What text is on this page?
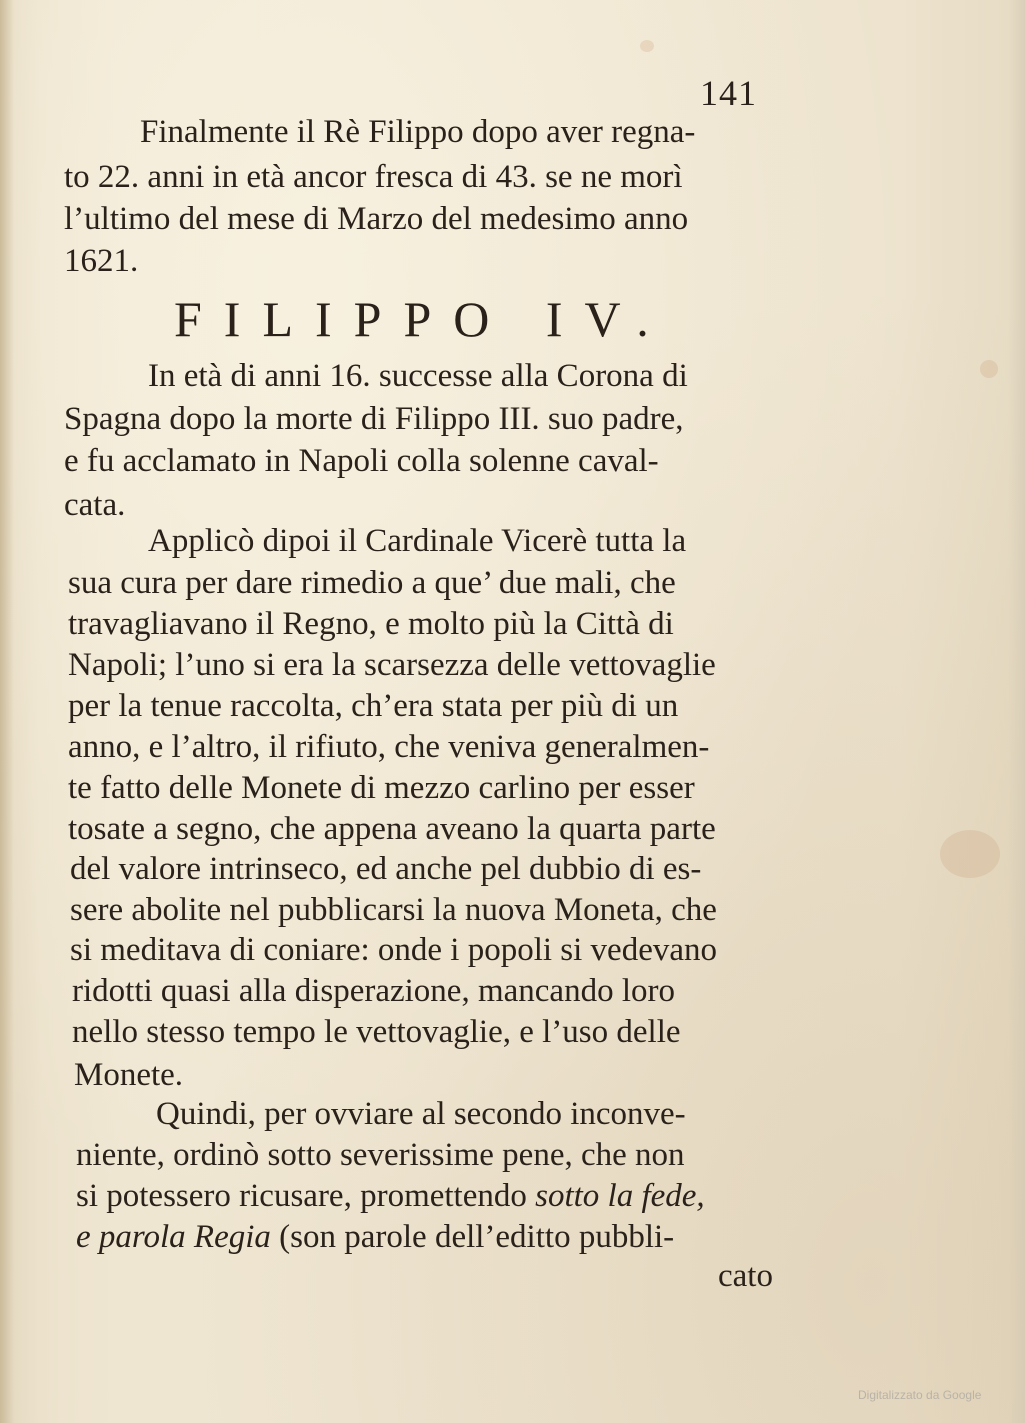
141
Finalmente il Rè Filippo dopo aver regna-
to 22. anni in età ancor fresca di 43. se ne morì
l’ultimo del mese di Marzo del medesimo anno
1621.
FILIPPO IV.
In età di anni 16. successe alla Corona di
Spagna dopo la morte di Filippo III. suo padre,
e fu acclamato in Napoli colla solenne caval-
cata.
Applicò dipoi il Cardinale Vicerè tutta la
sua cura per dare rimedio a que’ due mali, che
travagliavano il Regno, e molto più la Città di
Napoli; l’uno si era la scarsezza delle vettovaglie
per la tenue raccolta, ch’era stata per più di un
anno, e l’altro, il rifiuto, che veniva generalmen-
te fatto delle Monete di mezzo carlino per esser
tosate a segno, che appena aveano la quarta parte
del valore intrinseco, ed anche pel dubbio di es-
sere abolite nel pubblicarsi la nuova Moneta, che
si meditava di coniare: onde i popoli si vedevano
ridotti quasi alla disperazione, mancando loro
nello stesso tempo le vettovaglie, e l’uso delle
Monete.
Quindi, per ovviare al secondo inconve-
niente, ordinò sotto severissime pene, che non
si potessero ricusare, promettendo sotto la fede,
e parola Regia (son parole dell’editto pubbli-
cato
Digitalizzato da Google
